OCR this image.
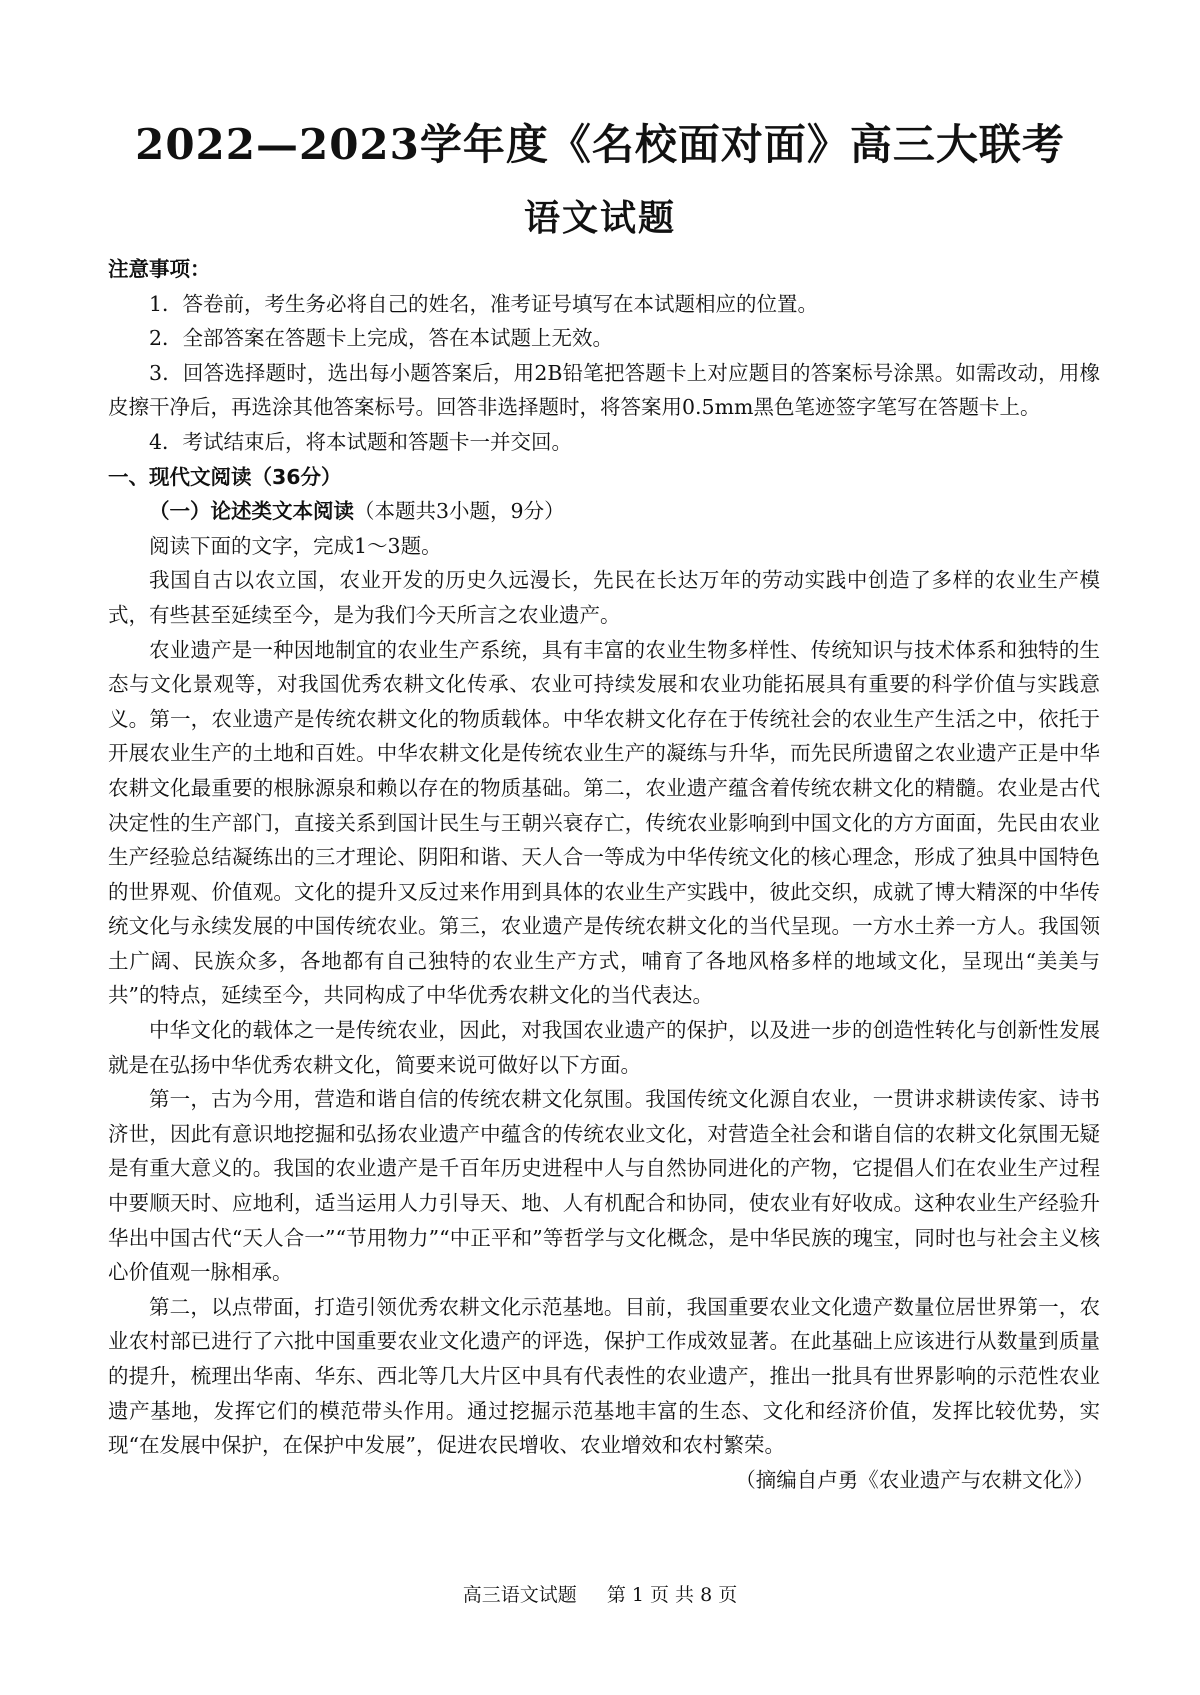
2022—2023学年度《名校面对面》高三大联考
语文试题

注意事项：

1．答卷前，考生务必将自己的姓名，准考证号填写在本试题相应的位置。

2．全部答案在答题卡上完成，答在本试题上无效。

3．回答选择题时，选出每小题答案后，用2B铅笔把答题卡上对应题目的答案标号涂黑。如需改动，用橡皮擦干净后，再选涂其他答案标号。回答非选择题时，将答案用0.5mm黑色笔迹签字笔写在答题卡上。

4．考试结束后，将本试题和答题卡一并交回。

一、现代文阅读（36分）

（一）论述类文本阅读（本题共3小题，9分）

阅读下面的文字，完成1～3题。

我国自古以农立国，农业开发的历史久远漫长，先民在长达万年的劳动实践中创造了多样的农业生产模式，有些甚至延续至今，是为我们今天所言之农业遗产。

农业遗产是一种因地制宜的农业生产系统，具有丰富的农业生物多样性、传统知识与技术体系和独特的生态与文化景观等，对我国优秀农耕文化传承、农业可持续发展和农业功能拓展具有重要的科学价值与实践意义。第一，农业遗产是传统农耕文化的物质载体。中华农耕文化存在于传统社会的农业生产生活之中，依托于开展农业生产的土地和百姓。中华农耕文化是传统农业生产的凝练与升华，而先民所遗留之农业遗产正是中华农耕文化最重要的根脉源泉和赖以存在的物质基础。第二，农业遗产蕴含着传统农耕文化的精髓。农业是古代决定性的生产部门，直接关系到国计民生与王朝兴衰存亡，传统农业影响到中国文化的方方面面，先民由农业生产经验总结凝练出的三才理论、阴阳和谐、天人合一等成为中华传统文化的核心理念，形成了独具中国特色的世界观、价值观。文化的提升又反过来作用到具体的农业生产实践中，彼此交织，成就了博大精深的中华传统文化与永续发展的中国传统农业。第三，农业遗产是传统农耕文化的当代呈现。一方水土养一方人。我国领土广阔、民族众多，各地都有自己独特的农业生产方式，哺育了各地风格多样的地域文化，呈现出“美美与共”的特点，延续至今，共同构成了中华优秀农耕文化的当代表达。

中华文化的载体之一是传统农业，因此，对我国农业遗产的保护，以及进一步的创造性转化与创新性发展就是在弘扬中华优秀农耕文化，简要来说可做好以下方面。

第一，古为今用，营造和谐自信的传统农耕文化氛围。我国传统文化源自农业，一贯讲求耕读传家、诗书济世，因此有意识地挖掘和弘扬农业遗产中蕴含的传统农业文化，对营造全社会和谐自信的农耕文化氛围无疑是有重大意义的。我国的农业遗产是千百年历史进程中人与自然协同进化的产物，它提倡人们在农业生产过程中要顺天时、应地利，适当运用人力引导天、地、人有机配合和协同，使农业有好收成。这种农业生产经验升华出中国古代“天人合一”“节用物力”“中正平和”等哲学与文化概念，是中华民族的瑰宝，同时也与社会主义核心价值观一脉相承。

第二，以点带面，打造引领优秀农耕文化示范基地。目前，我国重要农业文化遗产数量位居世界第一，农业农村部已进行了六批中国重要农业文化遗产的评选，保护工作成效显著。在此基础上应该进行从数量到质量的提升，梳理出华南、华东、西北等几大片区中具有代表性的农业遗产，推出一批具有世界影响的示范性农业遗产基地，发挥它们的模范带头作用。通过挖掘示范基地丰富的生态、文化和经济价值，发挥比较优势，实现“在发展中保护，在保护中发展”，促进农民增收、农业增效和农村繁荣。

（摘编自卢勇《农业遗产与农耕文化》）

高三语文试题 第 1 页 共 8 页
